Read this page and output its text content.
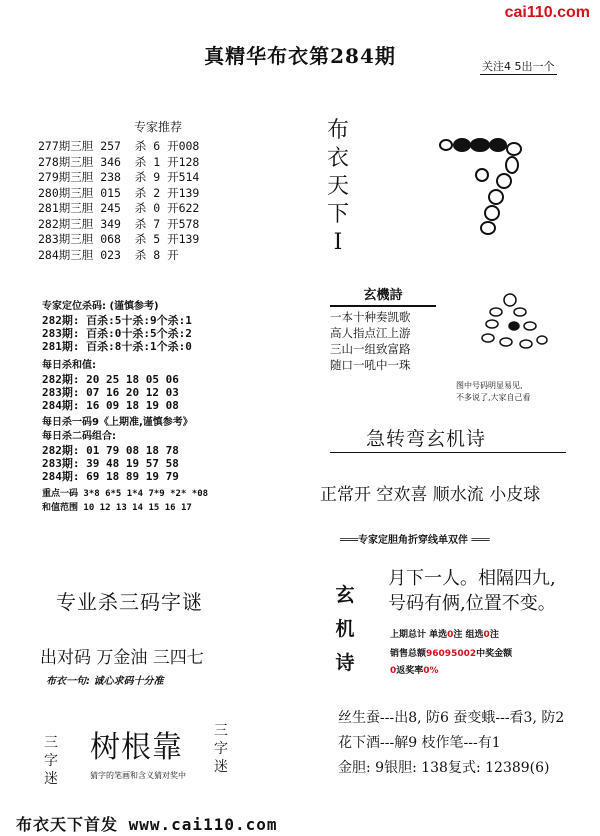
cai110.com
真精华布衣第284期	关注4 5出一个
专家推荐
277期三胆 257  杀 6 开008
278期三胆 346  杀 1 开128
279期三胆 238  杀 9 开514
280期三胆 015  杀 2 开139
281期三胆 245  杀 0 开622
282期三胆 349  杀 7 开578
283期三胆 068  杀 5 开139
284期三胆 023  杀 8 开
专家定位杀码: (谨慎参考)
282期: 百杀:5十杀:9个杀:1
283期: 百杀:0十杀:5个杀:2
281期: 百杀:8十杀:1个杀:0
每日杀和值:
282期: 20 25 18 05 06
283期: 07 16 20 12 03
284期: 16 09 18 19 08
每日杀一码9《上期准,谨慎参考》
每日杀二码组合:
282期: 01 79 08 18 78
283期: 39 48 19 57 58
284期: 69 18 89 19 79
重点一码 3*8 6*5 1*4 7*9 *2* *08
和值范围 10 12 13 14 15 16 17
专业杀三码字谜
出对码 万金油 三四七
布衣一句: 诚心求码十分准
三
字
迷
树根靠
猜字的笔画和含义猜对奖中
三
字
迷
布衣天下首发 www.cai110.com
布
衣
天
下
I
玄機詩
一本十种奏凯歌
高人指点江上游
三山一组致富路
随口一吼中一珠
图中号码明显易见,
不多说了,大家自己看
急转弯玄机诗
正常开 空欢喜 顺水流 小皮球
═══专家定胆角折穿线单双伴 ═══
玄
机
诗
月下一人。相隔四九,
号码有俩,位置不变。
上期总计 单选0注 组选0注
销售总额96095002中奖金额
0返奖率0%
丝生蚕---出8, 防6 蚕变蛾---看3, 防2
花下酒---解9 枝作笔---有1
金胆: 9银胆: 138复式: 12389(6)
